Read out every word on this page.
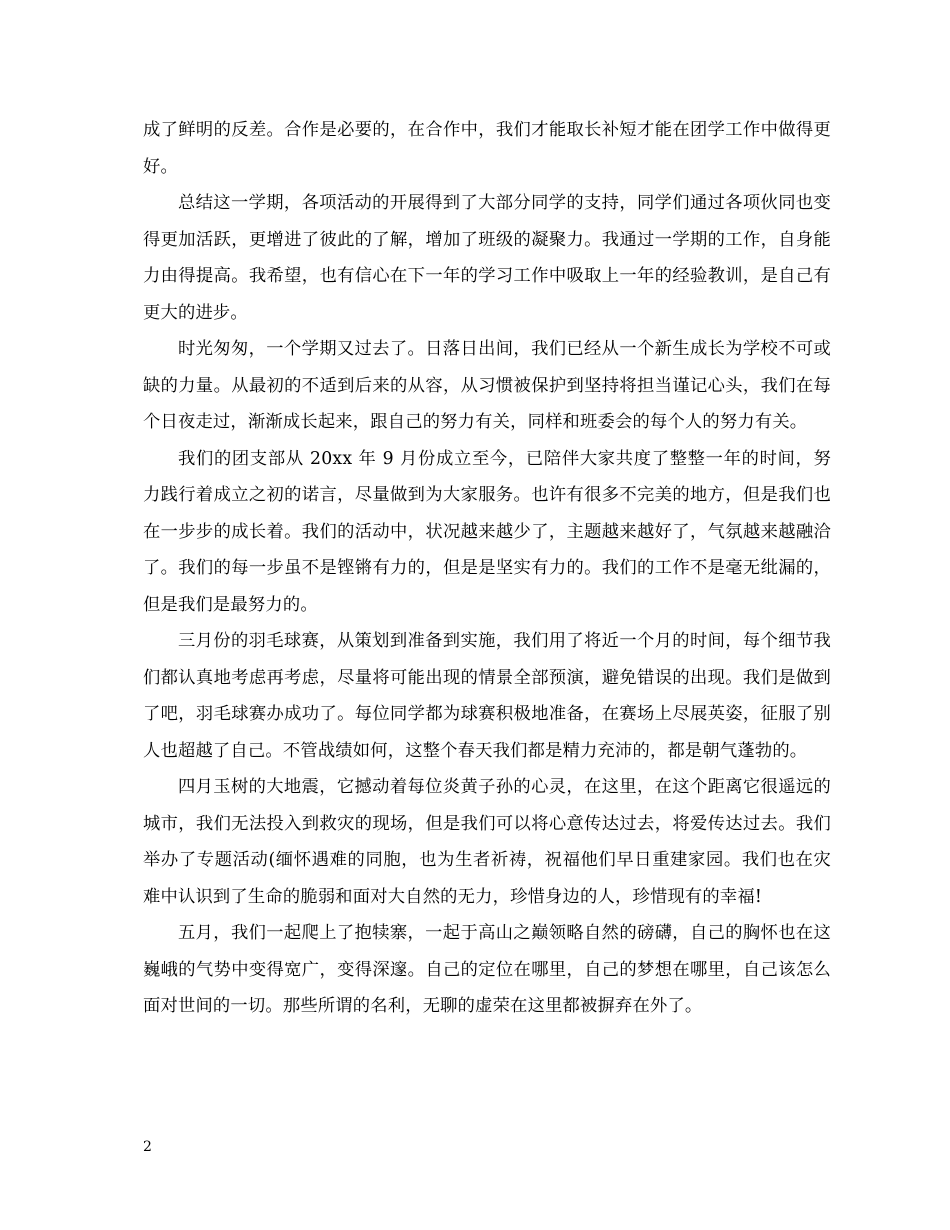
成了鲜明的反差。合作是必要的，在合作中，我们才能取长补短才能在团学工作中做得更好。

总结这一学期，各项活动的开展得到了大部分同学的支持，同学们通过各项伙同也变得更加活跃，更增进了彼此的了解，增加了班级的凝聚力。我通过一学期的工作，自身能力由得提高。我希望，也有信心在下一年的学习工作中吸取上一年的经验教训，是自己有更大的进步。

时光匆匆，一个学期又过去了。日落日出间，我们已经从一个新生成长为学校不可或缺的力量。从最初的不适到后来的从容，从习惯被保护到坚持将担当谨记心头，我们在每个日夜走过，渐渐成长起来，跟自己的努力有关，同样和班委会的每个人的努力有关。

我们的团支部从 20xx 年 9 月份成立至今，已陪伴大家共度了整整一年的时间，努力践行着成立之初的诺言，尽量做到为大家服务。也许有很多不完美的地方，但是我们也在一步步的成长着。我们的活动中，状况越来越少了，主题越来越好了，气氛越来越融洽了。我们的每一步虽不是铿锵有力的，但是是坚实有力的。我们的工作不是毫无纰漏的，但是我们是最努力的。

三月份的羽毛球赛，从策划到准备到实施，我们用了将近一个月的时间，每个细节我们都认真地考虑再考虑，尽量将可能出现的情景全部预演，避免错误的出现。我们是做到了吧，羽毛球赛办成功了。每位同学都为球赛积极地准备，在赛场上尽展英姿，征服了别人也超越了自己。不管战绩如何，这整个春天我们都是精力充沛的，都是朝气蓬勃的。

四月玉树的大地震，它撼动着每位炎黄子孙的心灵，在这里，在这个距离它很遥远的城市，我们无法投入到救灾的现场，但是我们可以将心意传达过去，将爱传达过去。我们举办了专题活动(缅怀遇难的同胞，也为生者祈祷，祝福他们早日重建家园。我们也在灾难中认识到了生命的脆弱和面对大自然的无力，珍惜身边的人，珍惜现有的幸福!

五月，我们一起爬上了抱犊寨，一起于高山之巅领略自然的磅礴，自己的胸怀也在这巍峨的气势中变得宽广，变得深邃。自己的定位在哪里，自己的梦想在哪里，自己该怎么面对世间的一切。那些所谓的名利，无聊的虚荣在这里都被摒弃在外了。

2
